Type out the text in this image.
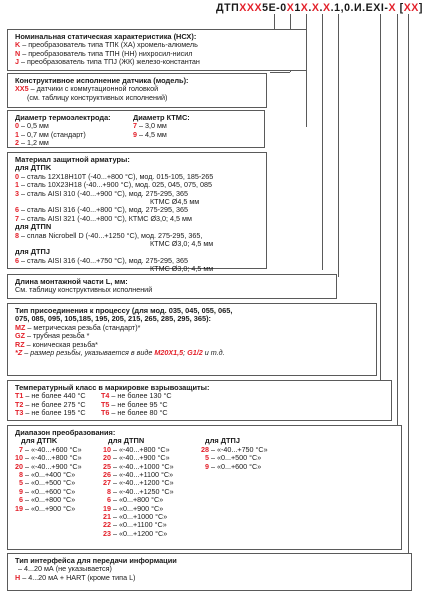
ДТПXXX5Е-0X1X.X.X.1,0.И.EXI-X [XX]
Номинальная статическая характеристика (НСХ):
K – преобразователь типа ТПК (ХА) хромель-алюмель
N – преобразователь типа ТПН (НН) нихросил-нисил
J – преобразователь типа ТПЈ (ЖК) железо-константан
Конструктивное исполнение датчика (модель):
XX5 – датчики с коммутационной головкой
(см. таблицу конструктивных исполнений)
Диаметр термоэлектрода:
0 – 0,5 мм
1 – 0,7 мм (стандарт)
2 – 1,2 мм
Диаметр КТМС:
7 – 3,0 мм
9 – 4,5 мм
Материал защитной арматуры:
для ДТПK
0 – сталь 12Х18Н10Т (-40...+800 °С), мод. 015-105, 185-265
1 – сталь 10Х23Н18 (-40...+900 °С), мод. 025, 045, 075, 085
3 – сталь AISI 310 (-40...+900 °С), мод. 275-295, 365
КТМС Ø4,5 мм
6 – сталь AISI 316 (-40...+800 °С), мод. 275-295, 365
7 – сталь AISI 321 (-40...+800 °С), КТМС Ø3,0; 4,5 мм
для ДТПN
8 – сплав Nicrobell D (-40...+1250 °С), мод. 275-295, 365,
КТМС Ø3,0; 4,5 мм
для ДТПJ
6 – сталь AISI 316 (-40...+750 °С), мод. 275-295, 365
КТМС Ø3,0; 4,5 мм
Длина монтажной части L, мм:
См. таблицу конструктивных исполнений
Тип присоединения к процессу (для мод. 035, 045, 055, 065,
075, 085, 095, 105,185, 195, 205, 215, 265, 285, 295, 365):
MZ – метрическая резьба (стандарт)*
GZ – трубная резьба *
RZ – коническая резьба*
*Z – размер резьбы, указывается в виде M20X1,5; G1/2 и т.д.
Температурный класс в маркировке взрывозащиты:
T1 – не более 440 °С
T2 – не более 275 °С
T3 – не более 195 °С
T4 – не более 130 °С
T5 – не более 95 °С
T6 – не более 80 °С
Диапазон преобразования:
для ДТПK	для ДТПN	для ДТПJ
7 – «-40...+600 °С»
10 – «-40...+800 °С»
20 – «-40...+900 °С»
8 – «0...+400 °С»
5 – «0...+500 °С»
9 – «0...+600 °С»
6 – «0...+800 °С»
19 – «0...+900 °С»
10 – «-40...+800 °С»
20 – «-40...+900 °С»
25 – «-40...+1000 °С»
26 – «-40...+1100 °С»
27 – «-40...+1200 °С»
8 – «-40...+1250 °С»
6 – «0...+800 °С»
19 – «0...+900 °С»
21 – «0...+1000 °С»
22 – «0...+1100 °С»
23 – «0...+1200 °С»
28 – «-40...+750 °С»
5 – «0...+500 °С»
9 – «0...+600 °С»
Тип интерфейса для передачи информации
– 4...20 мА (не указывается)
H – 4...20 мА + HART (кроме типа L)
